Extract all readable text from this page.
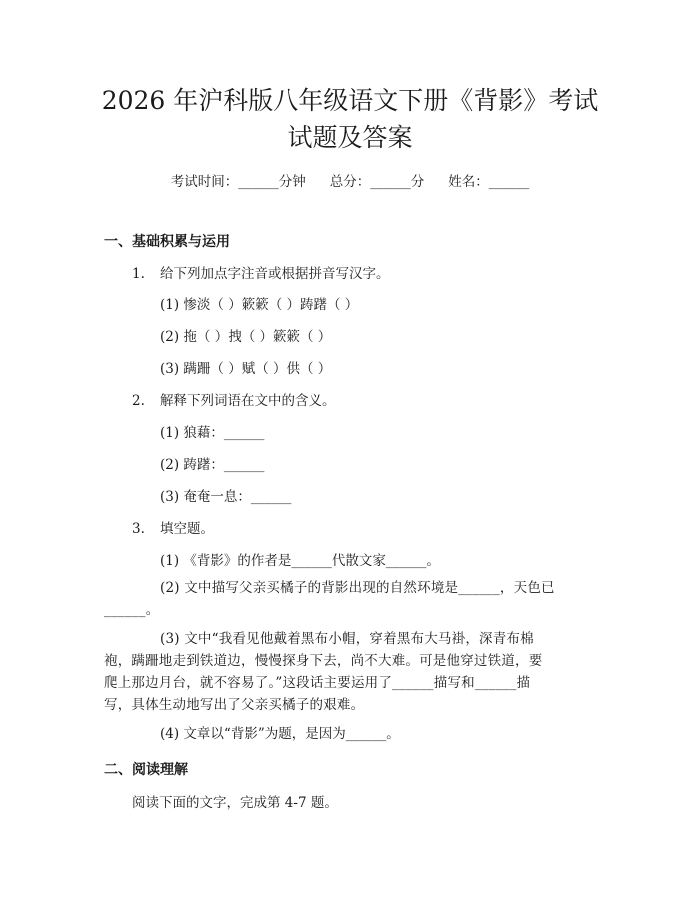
2026 年沪科版八年级语文下册《背影》考试
试题及答案
考试时间：______分钟 总分：______分 姓名：______
一、基础积累与运用
1. 给下列加点字注音或根据拼音写汉字。
(1) 惨淡（ ）簌簌（ ）踌躇（ ）
(2) 拖（ ）拽（ ）簌簌（ ）
(3) 蹒跚（ ）赋（ ）供（ ）
2. 解释下列词语在文中的含义。
(1) 狼藉：______
(2) 踌躇：______
(3) 奄奄一息：______
3. 填空题。
(1) 《背影》的作者是______代散文家______。
(2) 文中描写父亲买橘子的背影出现的自然环境是______，天色已______。
(3) 文中“我看见他戴着黑布小帽，穿着黑布大马褂，深青布棉袍，蹒跚地走到铁道边，慢慢探身下去，尚不大难。可是他穿过铁道，要爬上那边月台，就不容易了。”这段话主要运用了______描写和______描写，具体生动地写出了父亲买橘子的艰难。
(4) 文章以“背影”为题，是因为______。
二、阅读理解
阅读下面的文字，完成第 4-7 题。
